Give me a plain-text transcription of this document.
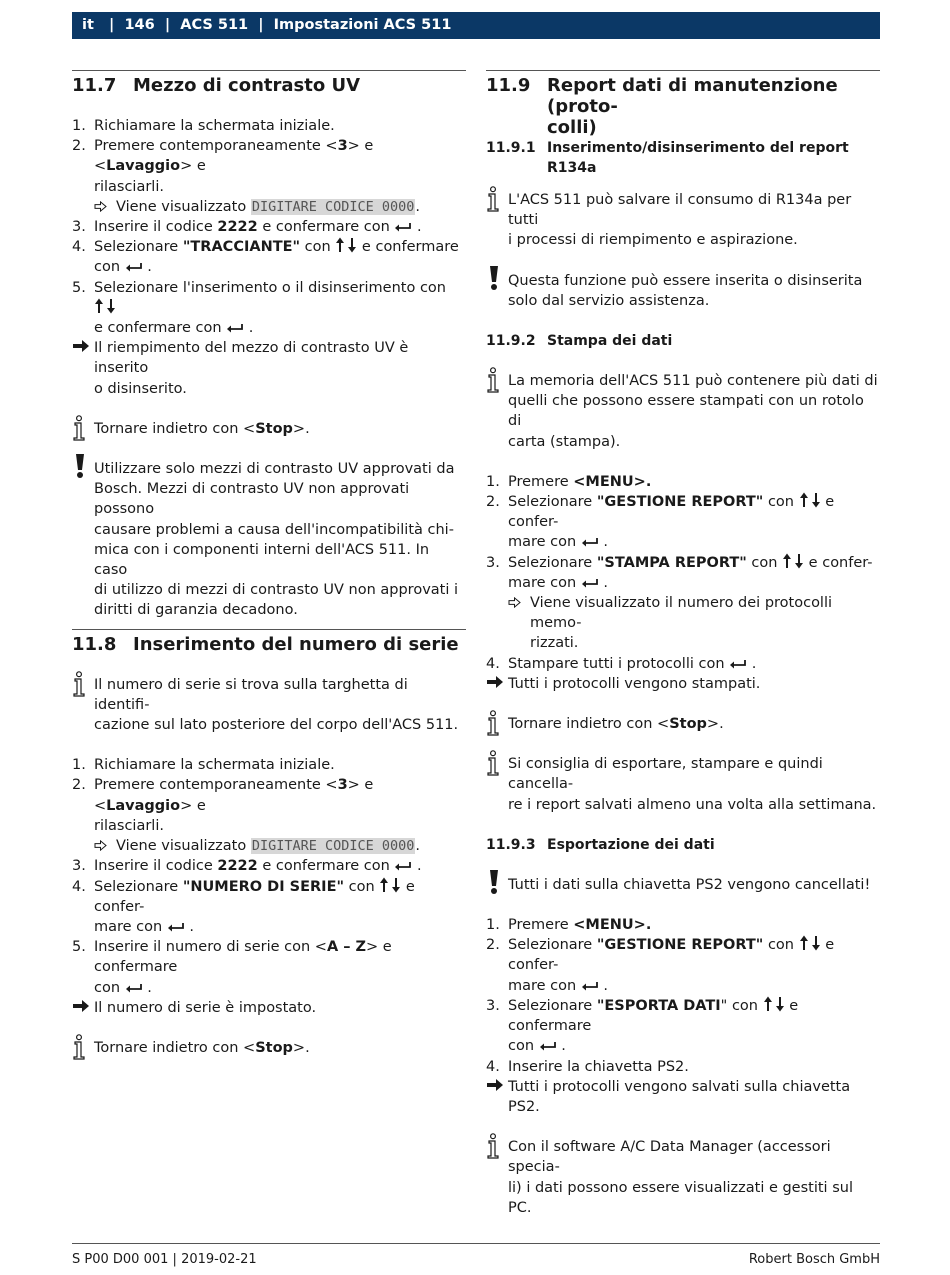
it   |  146  |  ACS 511  |  Impostazioni ACS 511
11.7 Mezzo di contrasto UV
1. Richiamare la schermata iniziale.
2. Premere contemporaneamente <3> e <Lavaggio> e
rilasciarli.
Viene visualizzato DIGITARE CODICE 0000.
3. Inserire il codice 2222 e confermare con  .
4. Selezionare "TRACCIANTE" con  e confermare
con  .
5. Selezionare l'inserimento o il disinserimento con
e confermare con  .
Il riempimento del mezzo di contrasto UV è inserito
o disinserito.
Tornare indietro con <Stop>.
Utilizzare solo mezzi di contrasto UV approvati da
Bosch. Mezzi di contrasto UV non approvati possono
causare problemi a causa dell'incompatibilità chi-
mica con i componenti interni dell'ACS 511. In caso
di utilizzo di mezzi di contrasto UV non approvati i
diritti di garanzia decadono.
11.8 Inserimento del numero di serie
Il numero di serie si trova sulla targhetta di identifi-
cazione sul lato posteriore del corpo dell'ACS 511.
1. Richiamare la schermata iniziale.
2. Premere contemporaneamente <3> e <Lavaggio> e
rilasciarli.
Viene visualizzato DIGITARE CODICE 0000.
3. Inserire il codice 2222 e confermare con  .
4. Selezionare "NUMERO DI SERIE" con  e confer-
mare con  .
5. Inserire il numero di serie con <A – Z> e confermare
con  .
Il numero di serie è impostato.
Tornare indietro con <Stop>.
11.9 Report dati di manutenzione (proto-
colli)
11.9.1 Inserimento/disinserimento del report R134a
L'ACS 511 può salvare il consumo di R134a per tutti
i processi di riempimento e aspirazione.
Questa funzione può essere inserita o disinserita
solo dal servizio assistenza.
11.9.2 Stampa dei dati
La memoria dell'ACS 511 può contenere più dati di
quelli che possono essere stampati con un rotolo di
carta (stampa).
1. Premere <MENU>.
2. Selezionare "GESTIONE REPORT" con  e confer-
mare con  .
3. Selezionare "STAMPA REPORT" con  e confer-
mare con  .
Viene visualizzato il numero dei protocolli memo-
rizzati.
4. Stampare tutti i protocolli con  .
Tutti i protocolli vengono stampati.
Tornare indietro con <Stop>.
Si consiglia di esportare, stampare e quindi cancella-
re i report salvati almeno una volta alla settimana.
11.9.3 Esportazione dei dati
Tutti i dati sulla chiavetta PS2 vengono cancellati!
1. Premere <MENU>.
2. Selezionare "GESTIONE REPORT" con  e confer-
mare con  .
3. Selezionare "ESPORTA DATI" con  e confermare
con  .
4. Inserire la chiavetta PS2.
Tutti i protocolli vengono salvati sulla chiavetta PS2.
Con il software A/C Data Manager (accessori specia-
li) i dati possono essere visualizzati e gestiti sul PC.
S P00 D00 001 | 2019-02-21	Robert Bosch GmbH
